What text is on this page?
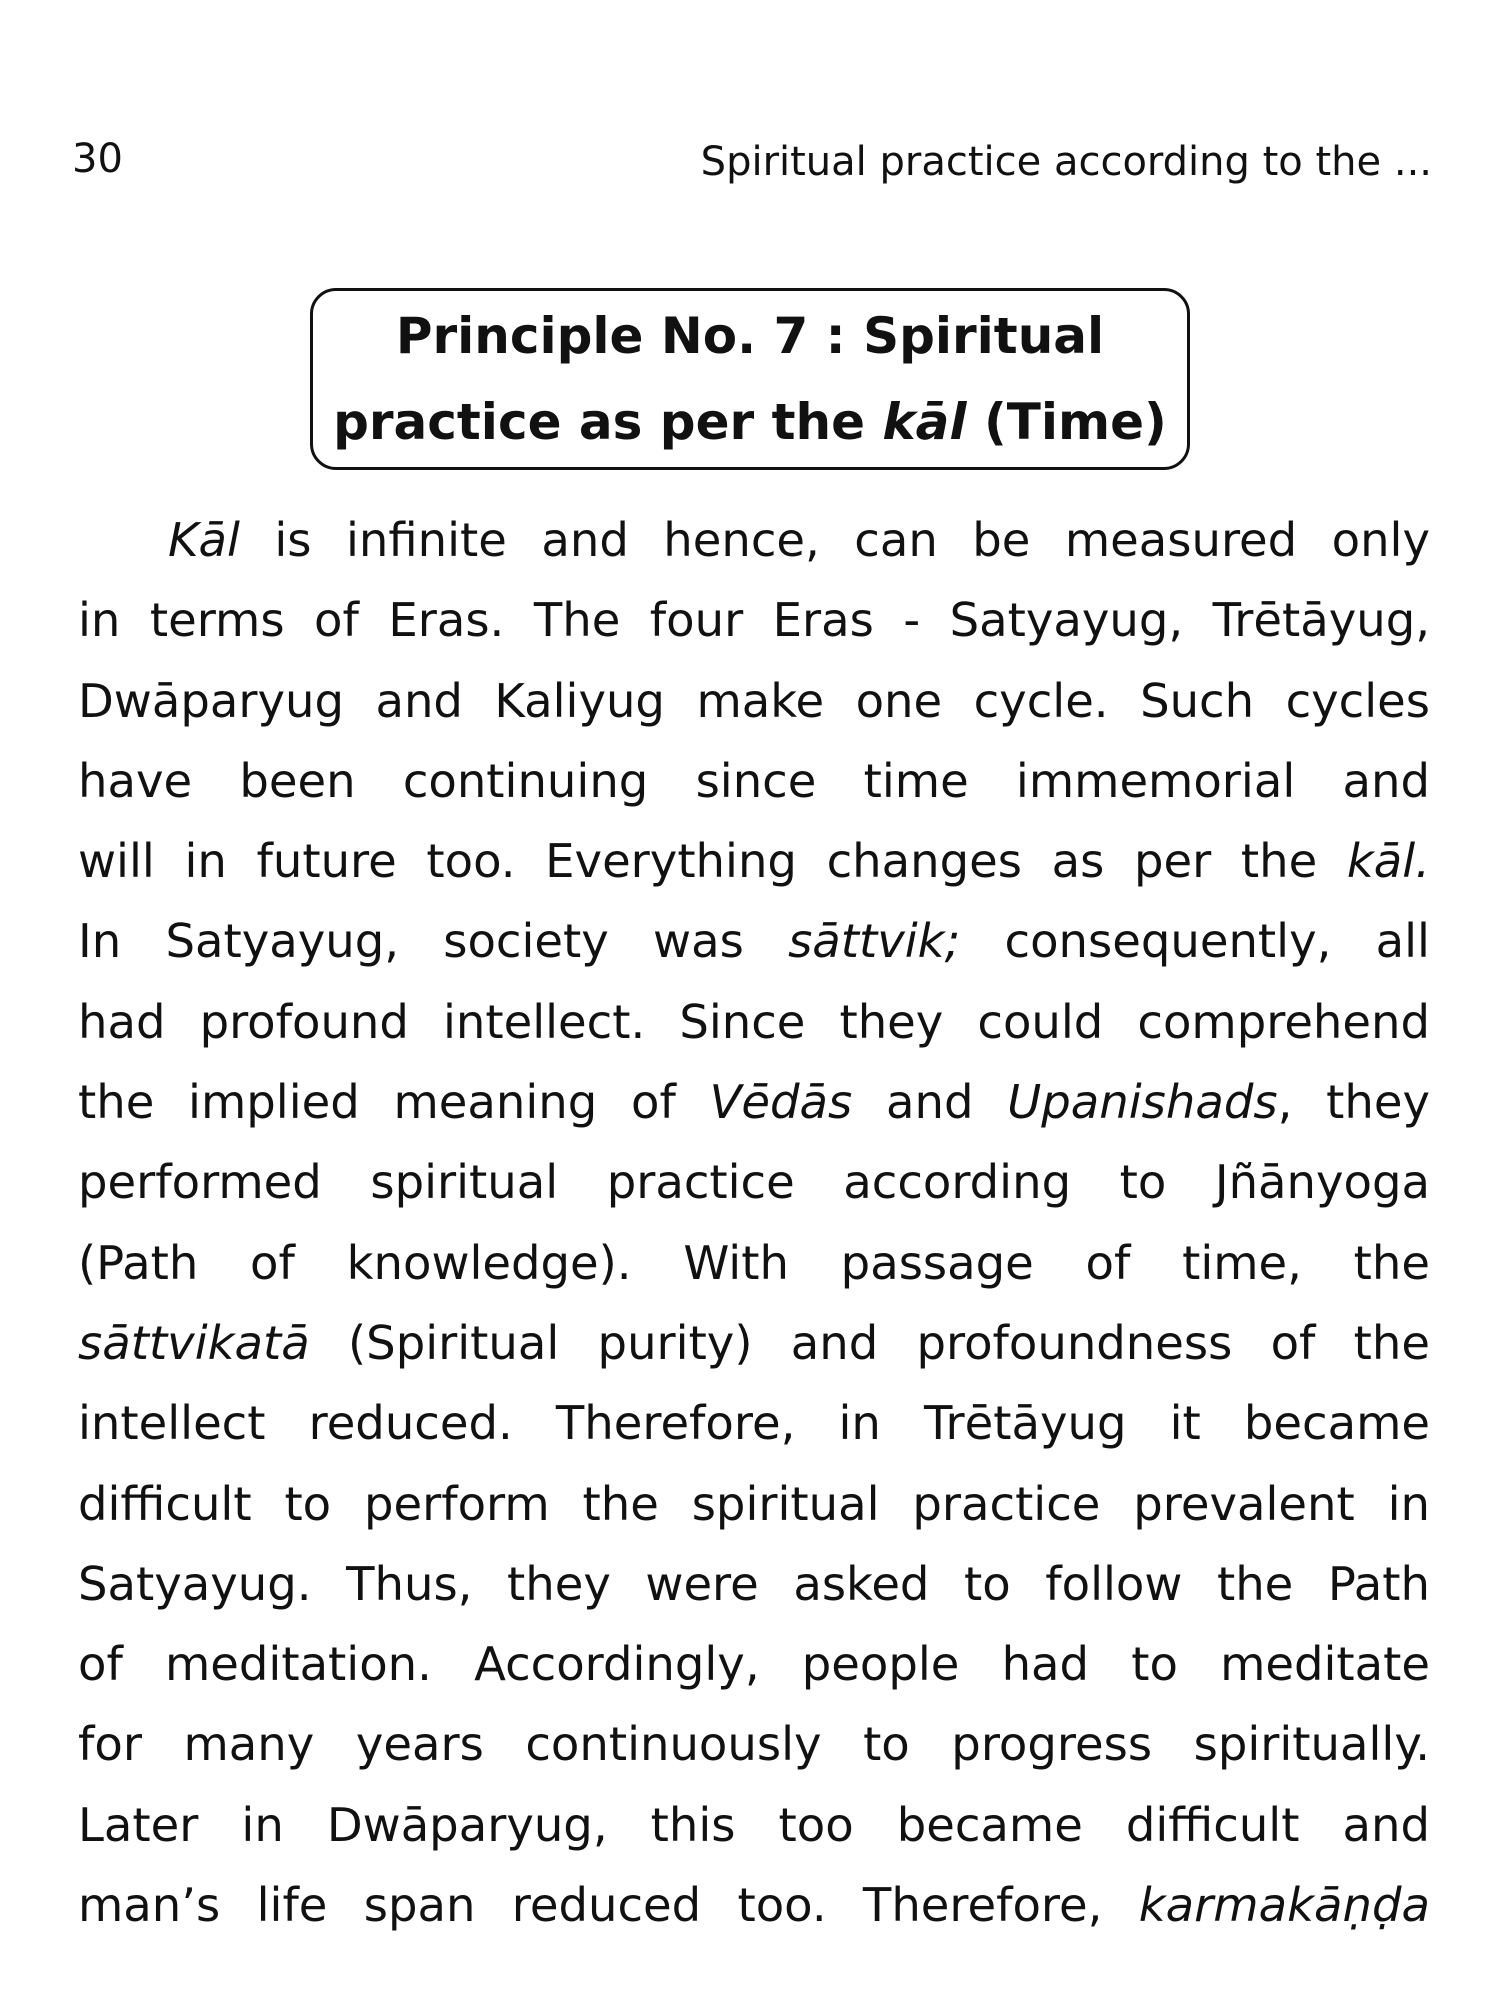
30	Spiritual practice according to the ...
Principle No. 7 : Spiritual
practice as per the kāl (Time)
Kāl is infinite and hence, can be measured only
in terms of Eras. The four Eras - Satyayug, Trētāyug,
Dwāparyug and Kaliyug make one cycle. Such cycles
have been continuing since time immemorial and
will in future too. Everything changes as per the kāl.
In Satyayug, society was sāttvik; consequently, all
had profound intellect. Since they could comprehend
the implied meaning of Vēdās and Upanishads, they
performed spiritual practice according to Jñānyoga
(Path of knowledge). With passage of time, the
sāttvikatā (Spiritual purity) and profoundness of the
intellect reduced. Therefore, in Trētāyug it became
difficult to perform the spiritual practice prevalent in
Satyayug. Thus, they were asked to follow the Path
of meditation. Accordingly, people had to meditate
for many years continuously to progress spiritually.
Later in Dwāparyug, this too became difficult and
man’s life span reduced too. Therefore, karmakāṇḍa
